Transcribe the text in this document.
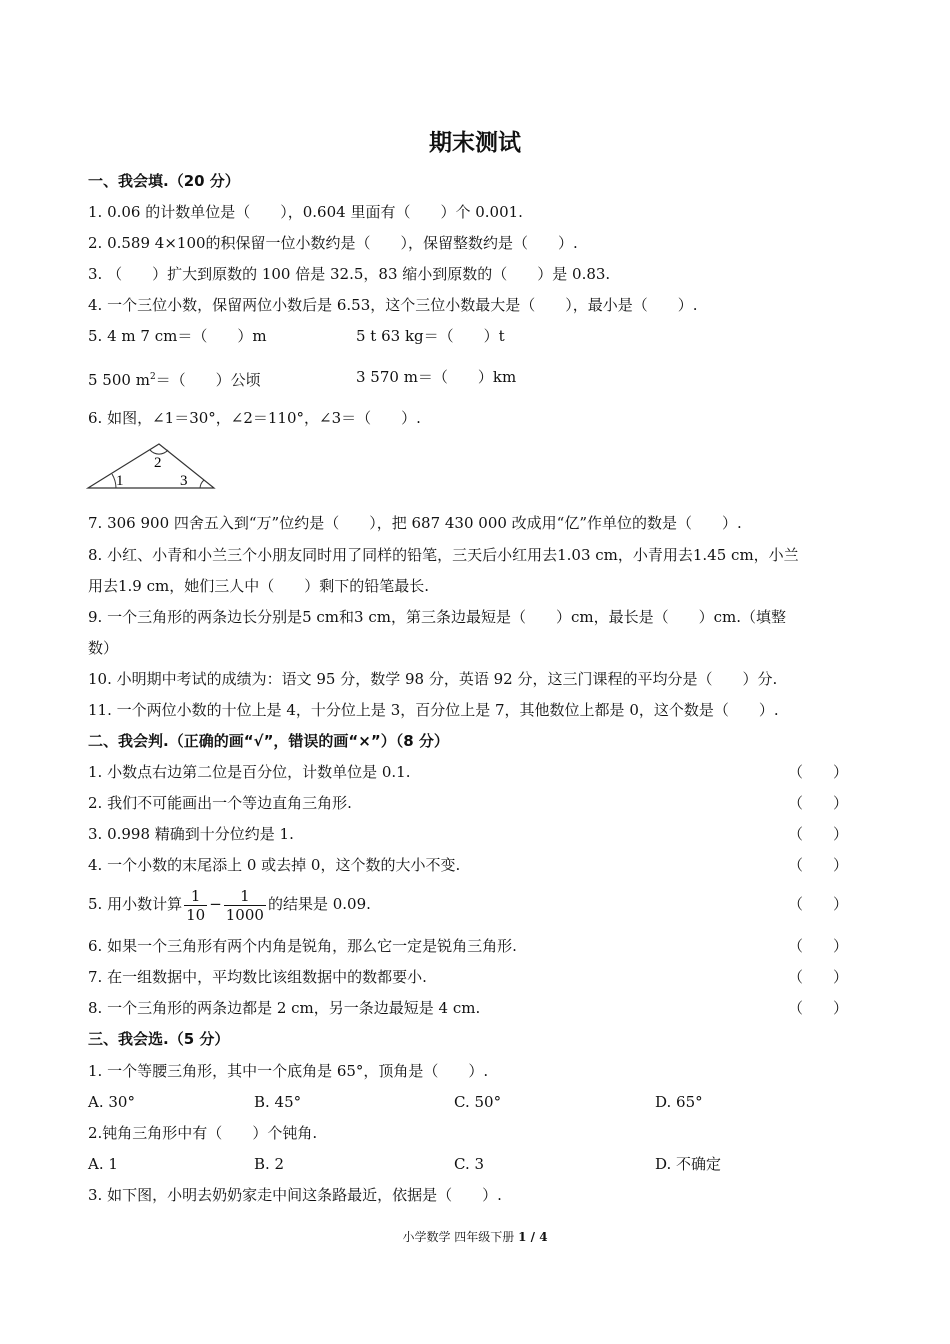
期末测试
一、我会填.（20 分）
1. 0.06 的计数单位是（　　），0.604 里面有（　　）个 0.001.
2. 0.589 4×100的积保留一位小数约是（　　），保留整数约是（　　）.
3. （　　）扩大到原数的 100 倍是 32.5，83 缩小到原数的（　　）是 0.83.
4. 一个三位小数，保留两位小数后是 6.53，这个三位小数最大是（　　），最小是（　　）.
5. 4 m 7 cm＝（　　）m	5 t 63 kg＝（　　）t
5 500 $m^2=$（　　）公顷	3 570 m＝（　　）km
6. 如图，∠1＝30°，∠2＝110°，∠3＝（　　）.
1
2
3
7. 306 900 四舍五入到“万”位约是（　　），把 687 430 000 改成用“亿”作单位的数是（　　）.
8. 小红、小青和小兰三个小朋友同时用了同样的铅笔，三天后小红用去1.03 cm，小青用去1.45 cm，小兰
用去1.9 cm，她们三人中（　　）剩下的铅笔最长.
9. 一个三角形的两条边长分别是5 cm和3 cm，第三条边最短是（　　）cm，最长是（　　）cm.（填整
数）
10. 小明期中考试的成绩为：语文 95 分，数学 98 分，英语 92 分，这三门课程的平均分是（　　）分.
11. 一个两位小数的十位上是 4，十分位上是 3，百分位上是 7，其他数位上都是 0，这个数是（　　）.
二、我会判.（正确的画“√”，错误的画“×”）（8 分）
1. 小数点右边第二位是百分位，计数单位是 0.1.	（　　）
2. 我们不可能画出一个等边直角三角形.	（　　）
3. 0.998 精确到十分位约是 1.	（　　）
4. 一个小数的末尾添上 0 或去掉 0，这个数的大小不变.	（　　）
5. 用小数计算 $\frac{1}{10} - \frac{1}{1000}$ 的结果是 0.09.	（　　）
6. 如果一个三角形有两个内角是锐角，那么它一定是锐角三角形.	（　　）
7. 在一组数据中，平均数比该组数据中的数都要小.	（　　）
8. 一个三角形的两条边都是 2 cm，另一条边最短是 4 cm.	（　　）
三、我会选.（5 分）
1. 一个等腰三角形，其中一个底角是 65°，顶角是（　　）.
A. 30°	B. 45°	C. 50°	D. 65°
2.钝角三角形中有（　　）个钝角.
A. 1	B. 2	C. 3	D. 不确定
3. 如下图，小明去奶奶家走中间这条路最近，依据是（　　）.
小学数学 四年级下册 1 / 4
